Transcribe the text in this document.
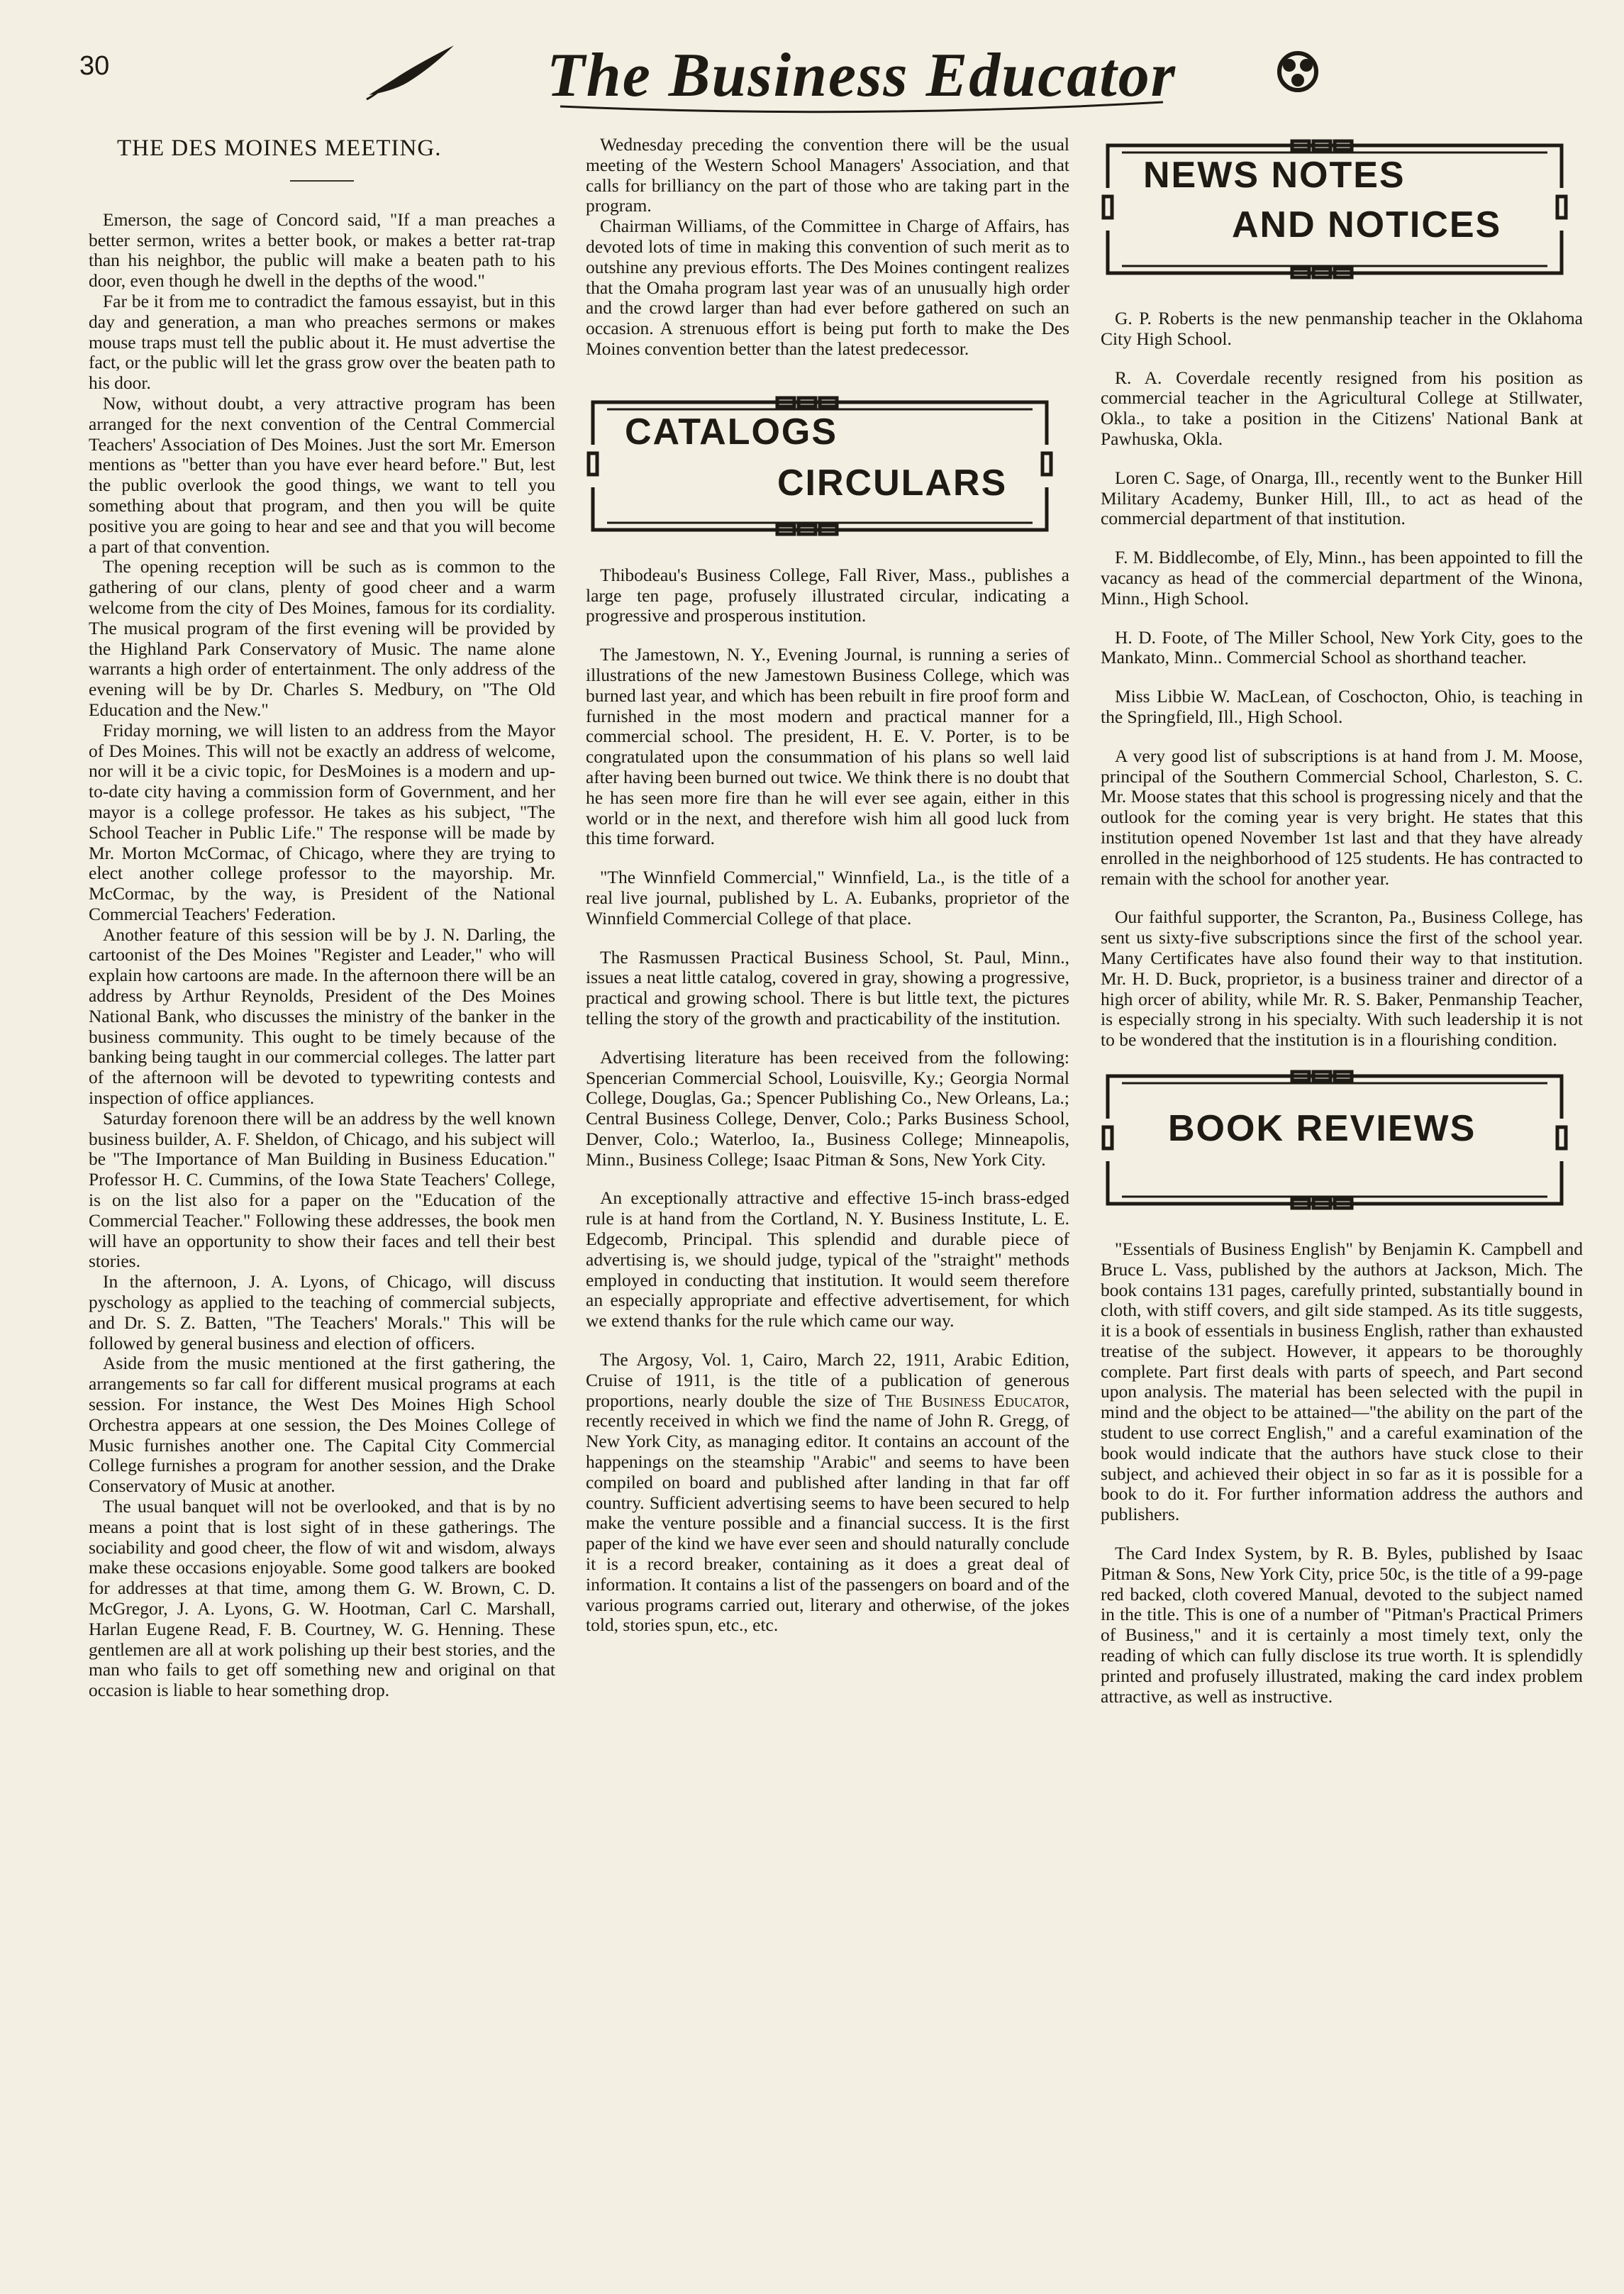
30	The Business Educator
THE DES MOINES MEETING.

Emerson, the sage of Concord said, "If a man preaches a better sermon, writes a better book, or makes a better rat-trap than his neighbor, the public will make a beaten path to his door, even though he dwell in the depths of the wood."

Far be it from me to contradict the famous essayist, but in this day and generation, a man who preaches sermons or makes mouse traps must tell the public about it. He must advertise the fact, or the public will let the grass grow over the beaten path to his door.

Now, without doubt, a very attractive program has been arranged for the next convention of the Central Commercial Teachers' Association of Des Moines. Just the sort Mr. Emerson mentions as "better than you have ever heard before." But, lest the public overlook the good things, we want to tell you something about that program, and then you will be quite positive you are going to hear and see and that you will become a part of that convention.

The opening reception will be such as is common to the gathering of our clans, plenty of good cheer and a warm welcome from the city of Des Moines, famous for its cordiality. The musical program of the first evening will be provided by the Highland Park Conservatory of Music. The name alone warrants a high order of entertainment. The only address of the evening will be by Dr. Charles S. Medbury, on "The Old Education and the New."

Friday morning, we will listen to an address from the Mayor of Des Moines. This will not be exactly an address of welcome, nor will it be a civic topic, for DesMoines is a modern and up-to-date city having a commission form of Government, and her mayor is a college professor. He takes as his subject, "The School Teacher in Public Life." The response will be made by Mr. Morton McCormac, of Chicago, where they are trying to elect another college professor to the mayorship. Mr. McCormac, by the way, is President of the National Commercial Teachers' Federation.

Another feature of this session will be by J. N. Darling, the cartoonist of the Des Moines "Register and Leader," who will explain how cartoons are made. In the afternoon there will be an address by Arthur Reynolds, President of the Des Moines National Bank, who discusses the ministry of the banker in the business community. This ought to be timely because of the banking being taught in our commercial colleges. The latter part of the afternoon will be devoted to typewriting contests and inspection of office appliances.

Saturday forenoon there will be an address by the well known business builder, A. F. Sheldon, of Chicago, and his subject will be "The Importance of Man Building in Business Education." Professor H. C. Cummins, of the Iowa State Teachers' College, is on the list also for a paper on the "Education of the Commercial Teacher." Following these addresses, the book men will have an opportunity to show their faces and tell their best stories.

In the afternoon, J. A. Lyons, of Chicago, will discuss pyschology as applied to the teaching of commercial subjects, and Dr. S. Z. Batten, "The Teachers' Morals." This will be followed by general business and election of officers.

Aside from the music mentioned at the first gathering, the arrangements so far call for different musical programs at each session. For instance, the West Des Moines High School Orchestra appears at one session, the Des Moines College of Music furnishes another one. The Capital City Commercial College furnishes a program for another session, and the Drake Conservatory of Music at another.

The usual banquet will not be overlooked, and that is by no means a point that is lost sight of in these gatherings. The sociability and good cheer, the flow of wit and wisdom, always make these occasions enjoyable. Some good talkers are booked for addresses at that time, among them G. W. Brown, C. D. McGregor, J. A. Lyons, G. W. Hootman, Carl C. Marshall, Harlan Eugene Read, F. B. Courtney, W. G. Henning. These gentlemen are all at work polishing up their best stories, and the man who fails to get off something new and original on that occasion is liable to hear something drop.

Wednesday preceding the convention there will be the usual meeting of the Western School Managers' Association, and that calls for brilliancy on the part of those who are taking part in the program.

Chairman Williams, of the Committee in Charge of Affairs, has devoted lots of time in making this convention of such merit as to outshine any previous efforts. The Des Moines contingent realizes that the Omaha program last year was of an unusually high order and the crowd larger than had ever before gathered on such an occasion. A strenuous effort is being put forth to make the Des Moines convention better than the latest predecessor.

CATALOGS
CIRCULARS

Thibodeau's Business College, Fall River, Mass., publishes a large ten page, profusely illustrated circular, indicating a progressive and prosperous institution.

The Jamestown, N. Y., Evening Journal, is running a series of illustrations of the new Jamestown Business College, which was burned last year, and which has been rebuilt in fire proof form and furnished in the most modern and practical manner for a commercial school. The president, H. E. V. Porter, is to be congratulated upon the consummation of his plans so well laid after having been burned out twice. We think there is no doubt that he has seen more fire than he will ever see again, either in this world or in the next, and therefore wish him all good luck from this time forward.

"The Winnfield Commercial," Winnfield, La., is the title of a real live journal, published by L. A. Eubanks, proprietor of the Winnfield Commercial College of that place.

The Rasmussen Practical Business School, St. Paul, Minn., issues a neat little catalog, covered in gray, showing a progressive, practical and growing school. There is but little text, the pictures telling the story of the growth and practicability of the institution.

Advertising literature has been received from the following: Spencerian Commercial School, Louisville, Ky.; Georgia Normal College, Douglas, Ga.; Spencer Publishing Co., New Orleans, La.; Central Business College, Denver, Colo.; Parks Business School, Denver, Colo.; Waterloo, Ia., Business College; Minneapolis, Minn., Business College; Isaac Pitman & Sons, New York City.

An exceptionally attractive and effective 15-inch brass-edged rule is at hand from the Cortland, N. Y. Business Institute, L. E. Edgecomb, Principal. This splendid and durable piece of advertising is, we should judge, typical of the "straight" methods employed in conducting that institution. It would seem therefore an especially appropriate and effective advertisement, for which we extend thanks for the rule which came our way.

The Argosy, Vol. 1, Cairo, March 22, 1911, Arabic Edition, Cruise of 1911, is the title of a publication of generous proportions, nearly double the size of The Business Educator, recently received in which we find the name of John R. Gregg, of New York City, as managing editor. It contains an account of the happenings on the steamship "Arabic" and seems to have been compiled on board and published after landing in that far off country. Sufficient advertising seems to have been secured to help make the venture possible and a financial success. It is the first paper of the kind we have ever seen and should naturally conclude it is a record breaker, containing as it does a great deal of information. It contains a list of the passengers on board and of the various programs carried out, literary and otherwise, of the jokes told, stories spun, etc., etc.

NEWS NOTES
AND NOTICES

G. P. Roberts is the new penmanship teacher in the Oklahoma City High School.

R. A. Coverdale recently resigned from his position as commercial teacher in the Agricultural College at Stillwater, Okla., to take a position in the Citizens' National Bank at Pawhuska, Okla.

Loren C. Sage, of Onarga, Ill., recently went to the Bunker Hill Military Academy, Bunker Hill, Ill., to act as head of the commercial department of that institution.

F. M. Biddlecombe, of Ely, Minn., has been appointed to fill the vacancy as head of the commercial department of the Winona, Minn., High School.

H. D. Foote, of The Miller School, New York City, goes to the Mankato, Minn.. Commercial School as shorthand teacher.

Miss Libbie W. MacLean, of Coschocton, Ohio, is teaching in the Springfield, Ill., High School.

A very good list of subscriptions is at hand from J. M. Moose, principal of the Southern Commercial School, Charleston, S. C. Mr. Moose states that this school is progressing nicely and that the outlook for the coming year is very bright. He states that this institution opened November 1st last and that they have already enrolled in the neighborhood of 125 students. He has contracted to remain with the school for another year.

Our faithful supporter, the Scranton, Pa., Business College, has sent us sixty-five subscriptions since the first of the school year. Many Certificates have also found their way to that institution. Mr. H. D. Buck, proprietor, is a business trainer and director of a high orcer of ability, while Mr. R. S. Baker, Penmanship Teacher, is especially strong in his specialty. With such leadership it is not to be wondered that the institution is in a flourishing condition.

BOOK REVIEWS

"Essentials of Business English" by Benjamin K. Campbell and Bruce L. Vass, published by the authors at Jackson, Mich. The book contains 131 pages, carefully printed, substantially bound in cloth, with stiff covers, and gilt side stamped. As its title suggests, it is a book of essentials in business English, rather than exhausted treatise of the subject. However, it appears to be thoroughly complete. Part first deals with parts of speech, and Part second upon analysis. The material has been selected with the pupil in mind and the object to be attained—"the ability on the part of the student to use correct English," and a careful examination of the book would indicate that the authors have stuck close to their subject, and achieved their object in so far as it is possible for a book to do it. For further information address the authors and publishers.

The Card Index System, by R. B. Byles, published by Isaac Pitman & Sons, New York City, price 50c, is the title of a 99-page red backed, cloth covered Manual, devoted to the subject named in the title. This is one of a number of "Pitman's Practical Primers of Business," and it is certainly a most timely text, only the reading of which can fully disclose its true worth. It is splendidly printed and profusely illustrated, making the card index problem attractive, as well as instructive.
